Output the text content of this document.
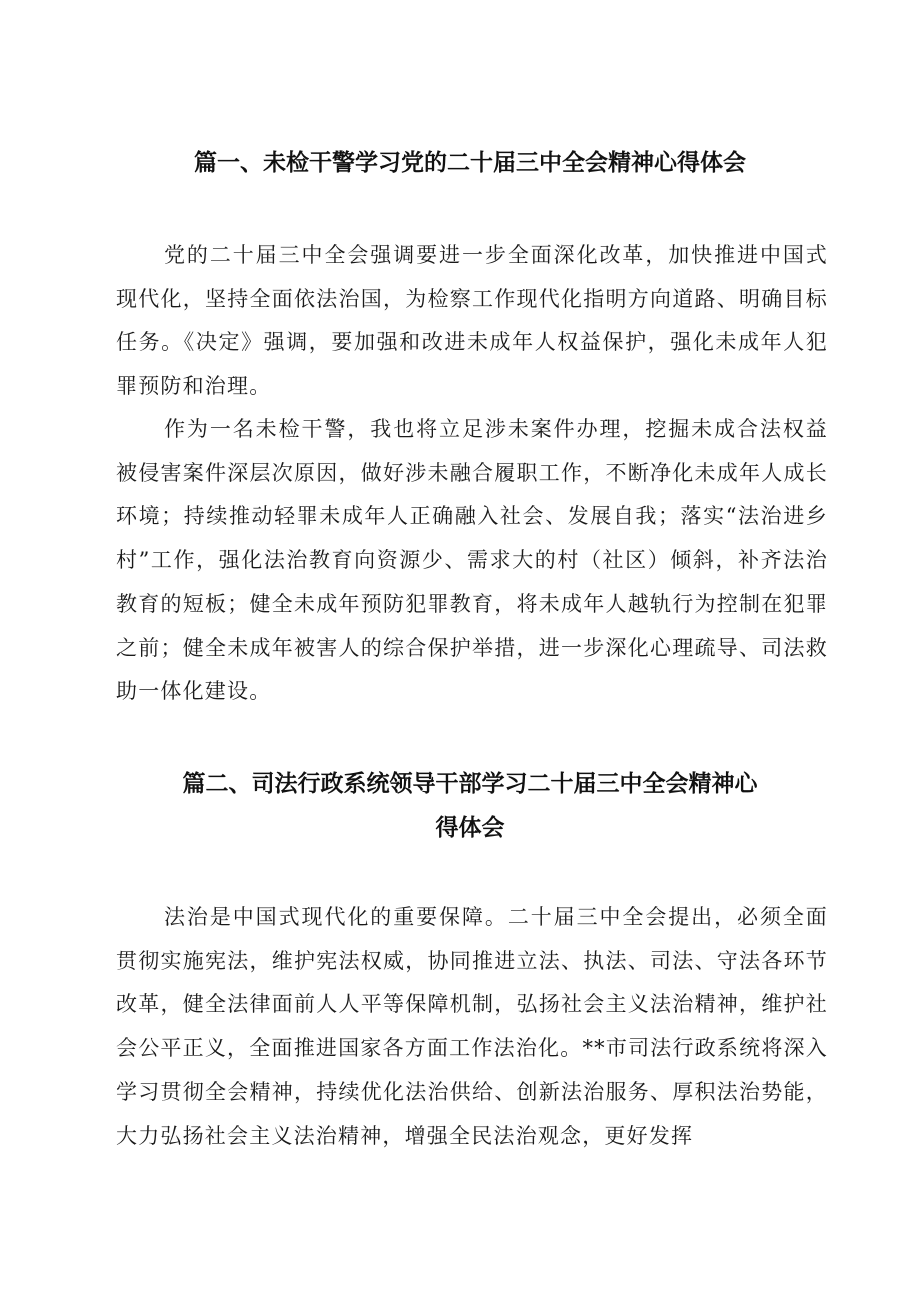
篇一、未检干警学习党的二十届三中全会精神心得体会

党的二十届三中全会强调要进一步全面深化改革，加快推进中国式现代化，坚持全面依法治国，为检察工作现代化指明方向道路、明确目标任务。《决定》强调，要加强和改进未成年人权益保护，强化未成年人犯罪预防和治理。

作为一名未检干警，我也将立足涉未案件办理，挖掘未成合法权益被侵害案件深层次原因，做好涉未融合履职工作，不断净化未成年人成长环境；持续推动轻罪未成年人正确融入社会、发展自我；落实“法治进乡村”工作，强化法治教育向资源少、需求大的村（社区）倾斜，补齐法治教育的短板；健全未成年预防犯罪教育，将未成年人越轨行为控制在犯罪之前；健全未成年被害人的综合保护举措，进一步深化心理疏导、司法救助一体化建设。

篇二、司法行政系统领导干部学习二十届三中全会精神心
得体会

法治是中国式现代化的重要保障。二十届三中全会提出，必须全面贯彻实施宪法，维护宪法权威，协同推进立法、执法、司法、守法各环节改革，健全法律面前人人平等保障机制，弘扬社会主义法治精神，维护社会公平正义，全面推进国家各方面工作法治化。**市司法行政系统将深入学习贯彻全会精神，持续优化法治供给、创新法治服务、厚积法治势能，大力弘扬社会主义法治精神，增强全民法治观念，更好发挥
